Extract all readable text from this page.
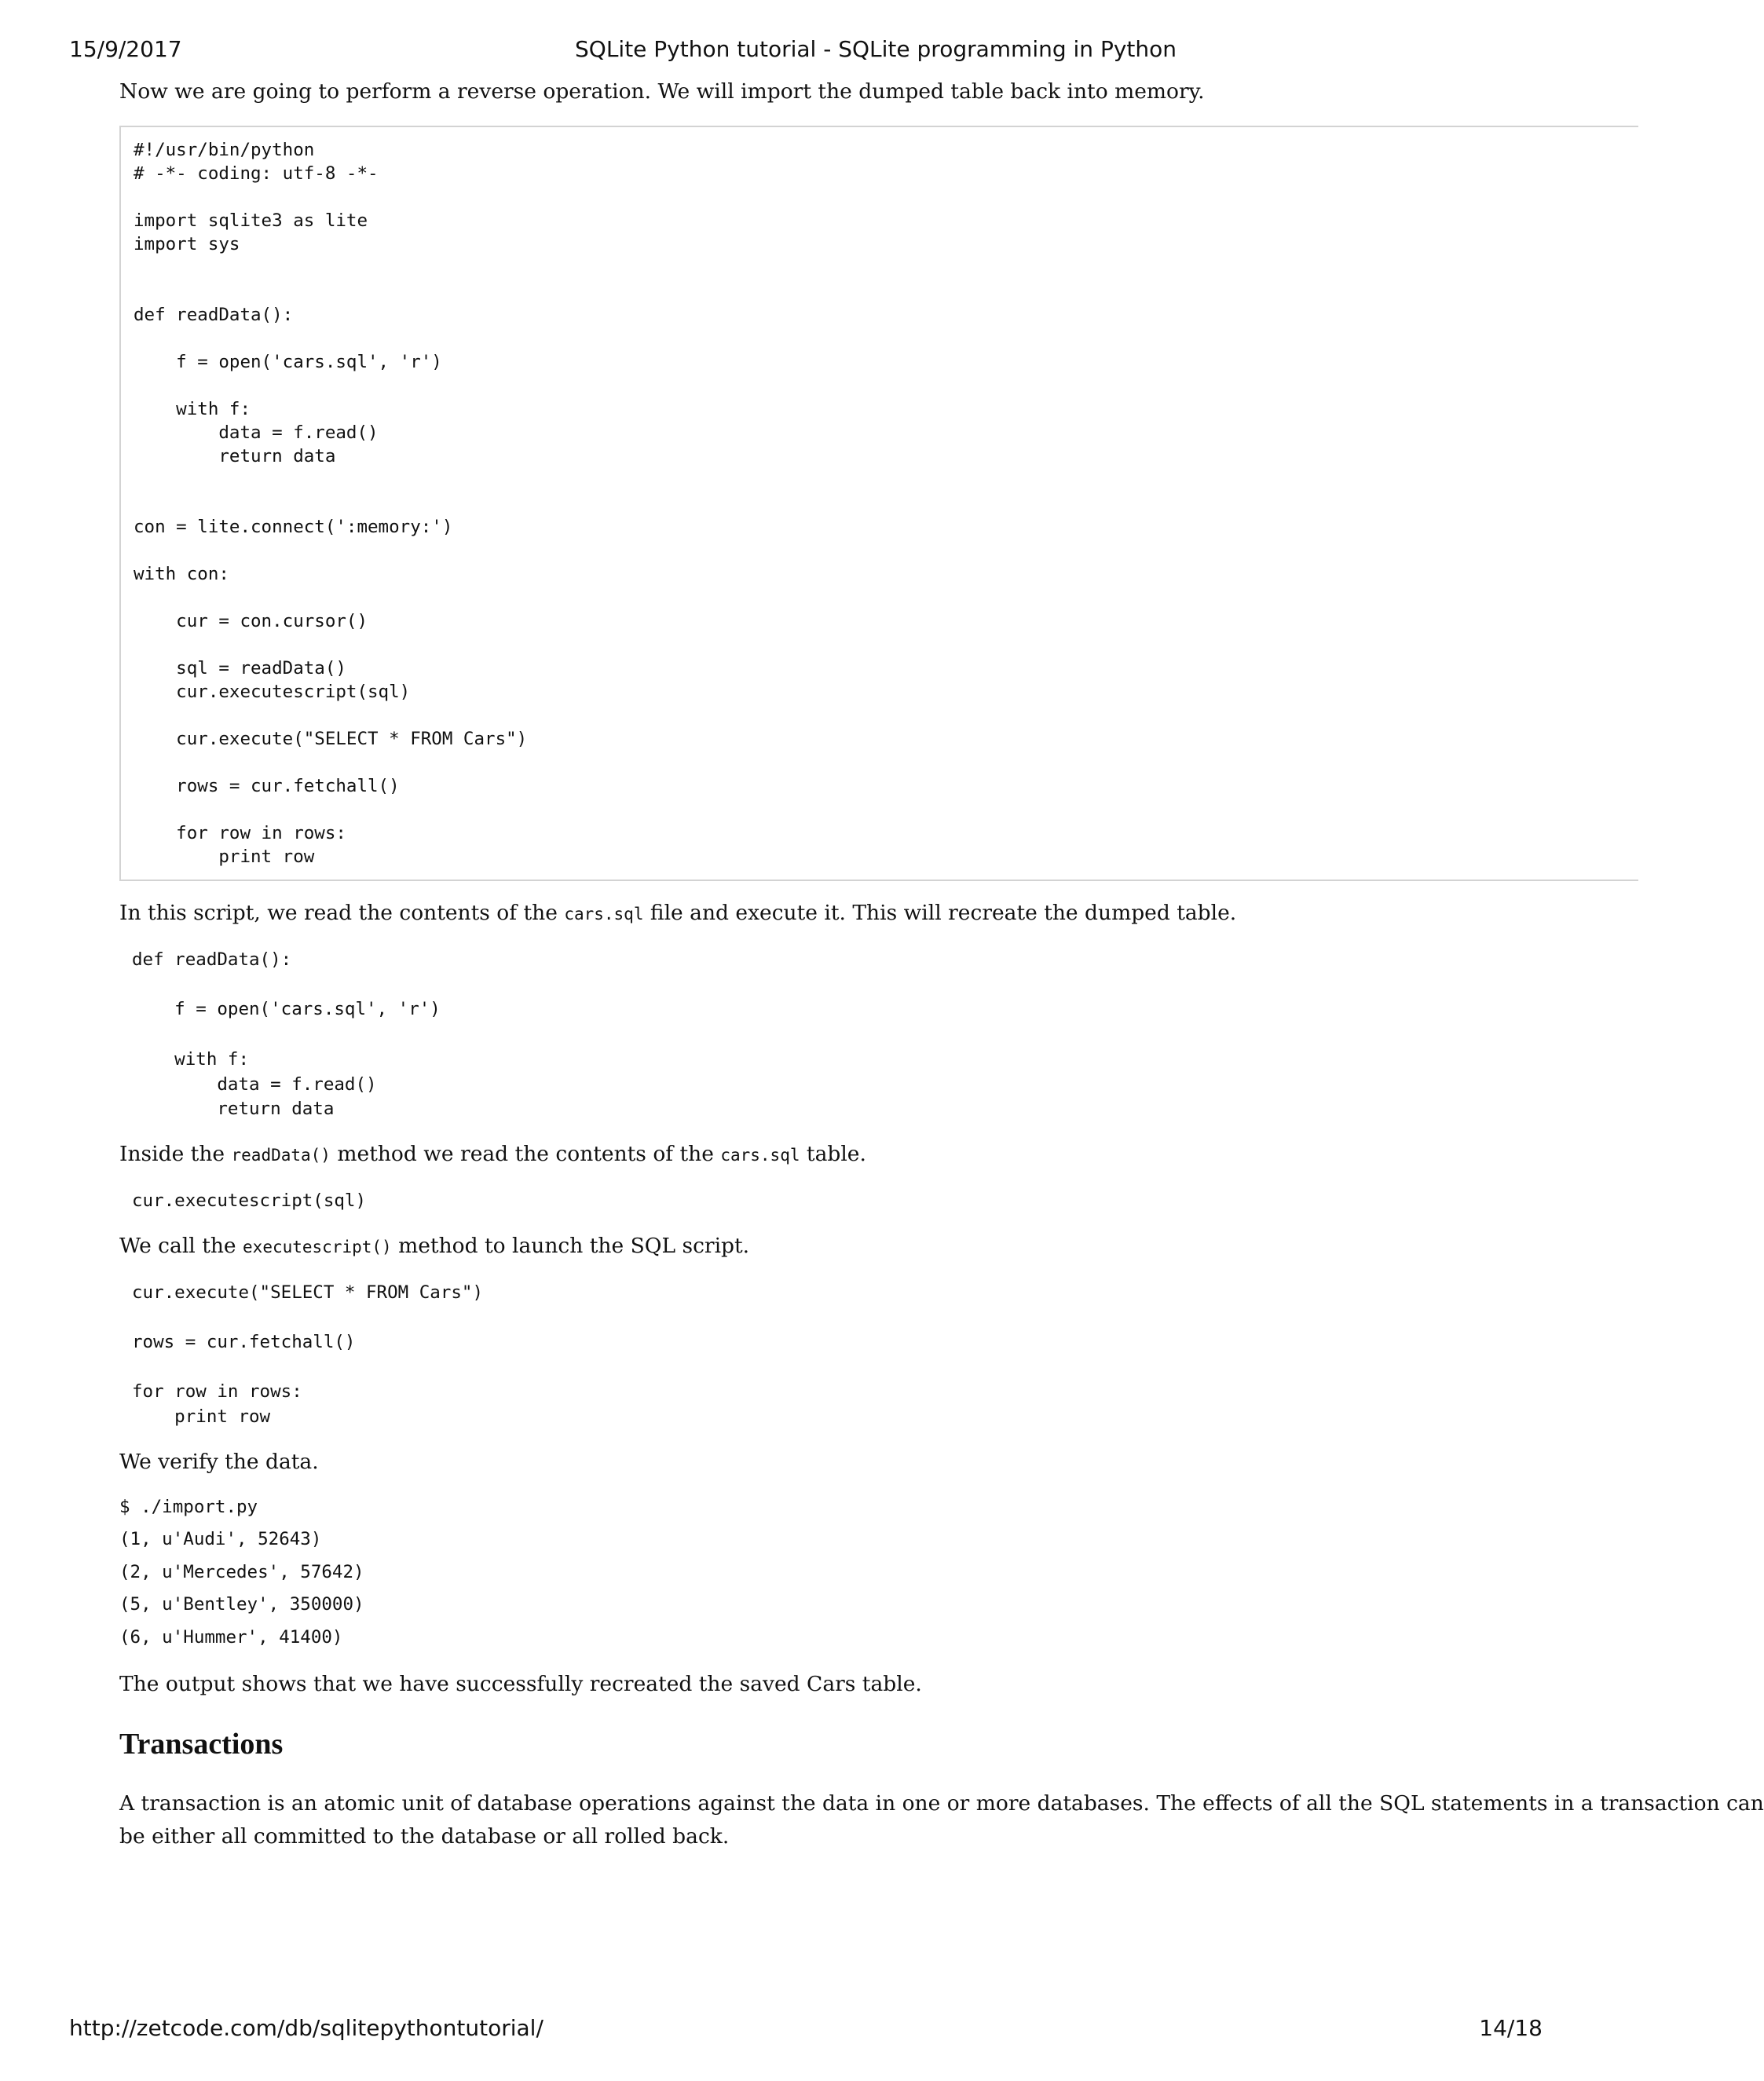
15/9/2017	SQLite Python tutorial - SQLite programming in Python

Now we are going to perform a reverse operation. We will import the dumped table back into memory.

#!/usr/bin/python
# -*- coding: utf-8 -*-

import sqlite3 as lite
import sys

def readData():

f = open('cars.sql', 'r')

with f:
data = f.read()
return data

con = lite.connect(':memory:')

with con:

cur = con.cursor()

sql = readData()
cur.executescript(sql)

cur.execute("SELECT * FROM Cars")

rows = cur.fetchall()

for row in rows:
print row

In this script, we read the contents of the cars.sql file and execute it. This will recreate the dumped table.

def readData():

f = open('cars.sql', 'r')

with f:
data = f.read()
return data

Inside the readData() method we read the contents of the cars.sql table.

cur.executescript(sql)

We call the executescript() method to launch the SQL script.

cur.execute("SELECT * FROM Cars")

rows = cur.fetchall()

for row in rows:
print row

We verify the data.

$ ./import.py

(1, u'Audi', 52643)

(2, u'Mercedes', 57642)

(5, u'Bentley', 350000)

(6, u'Hummer', 41400)

The output shows that we have successfully recreated the saved Cars table.

Transactions

A transaction is an atomic unit of database operations against the data in one or more databases. The effects of all the SQL statements in a transaction can

be either all committed to the database or all rolled back.

http://zetcode.com/db/sqlitepythontutorial/	14/18
